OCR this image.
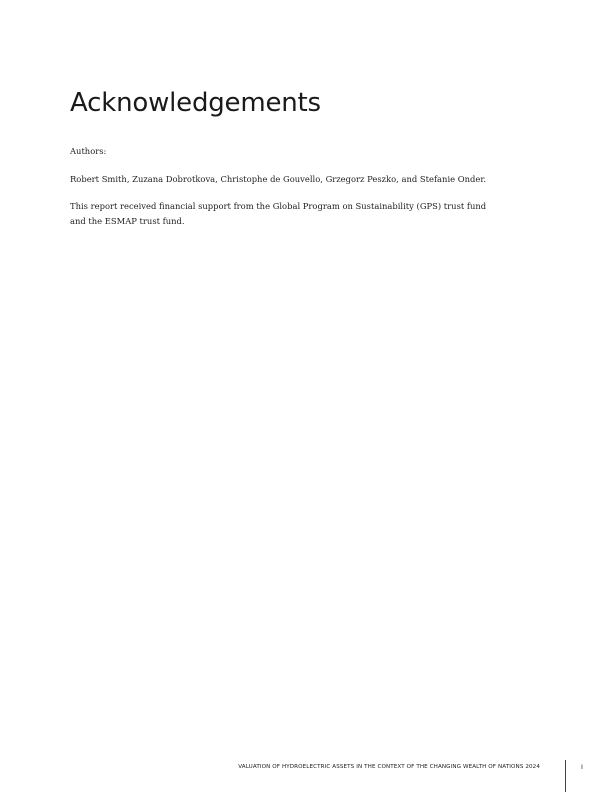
Acknowledgements

Authors:

Robert Smith, Zuzana Dobrotkova, Christophe de Gouvello, Grzegorz Peszko, and Stefanie Onder.

This report received financial support from the Global Program on Sustainability (GPS) trust fund
and the ESMAP trust fund.

VALUATION OF HYDROELECTRIC ASSETS IN THE CONTEXT OF THE CHANGING WEALTH OF NATIONS 2024	I
